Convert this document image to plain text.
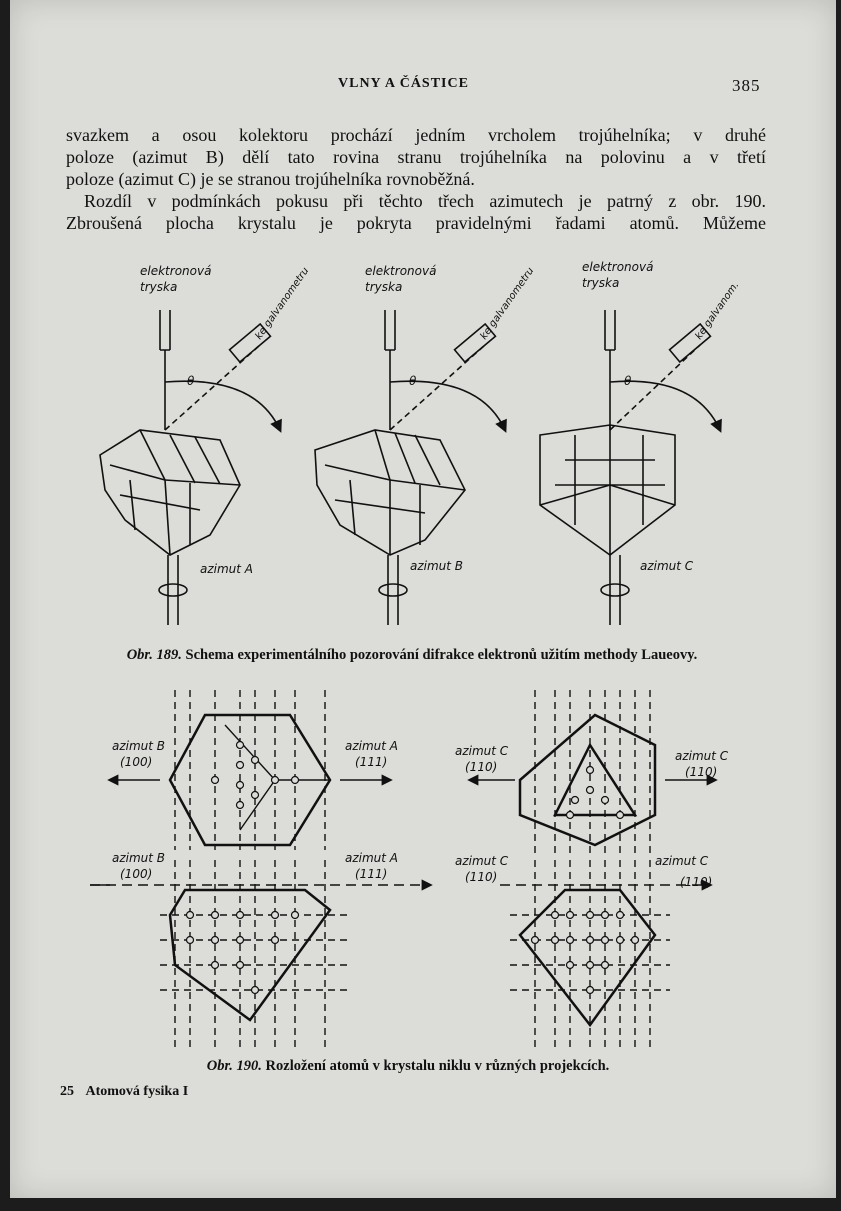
VLNY A ČÁSTICE	385

svazkem a osou kolektoru prochází jedním vrcholem trojúhelníka; v druhé

poloze (azimut B) dělí tato rovina stranu trojúhelníka na polovinu a v třetí

poloze (azimut C) je se stranou trojúhelníka rovnoběžná.

Rozdíl v podmínkách pokusu při těchto třech azimutech je patrný z obr. 190.

Zbroušená plocha krystalu je pokryta pravidelnými řadami atomů. Můžeme

elektronová
tryska
elektronová
tryska
elektronová
tryska
ke galvanometru	ke galvanometru	ke galvanom.
θ	θ	θ
azimut A	azimut B	azimut C
Obr. 189. Schema experimentálního pozorování difrakce elektronů užitím methody Laueovy.
azimut B
(100)
azimut A
(111)
azimut C
(110)
azimut C
(110)
azimut B
(100)
azimut A
(111)
azimut C
(110)
azimut C
(110)
Obr. 190. Rozložení atomů v krystalu niklu v různých projekcích.
25 Atomová fysika I
